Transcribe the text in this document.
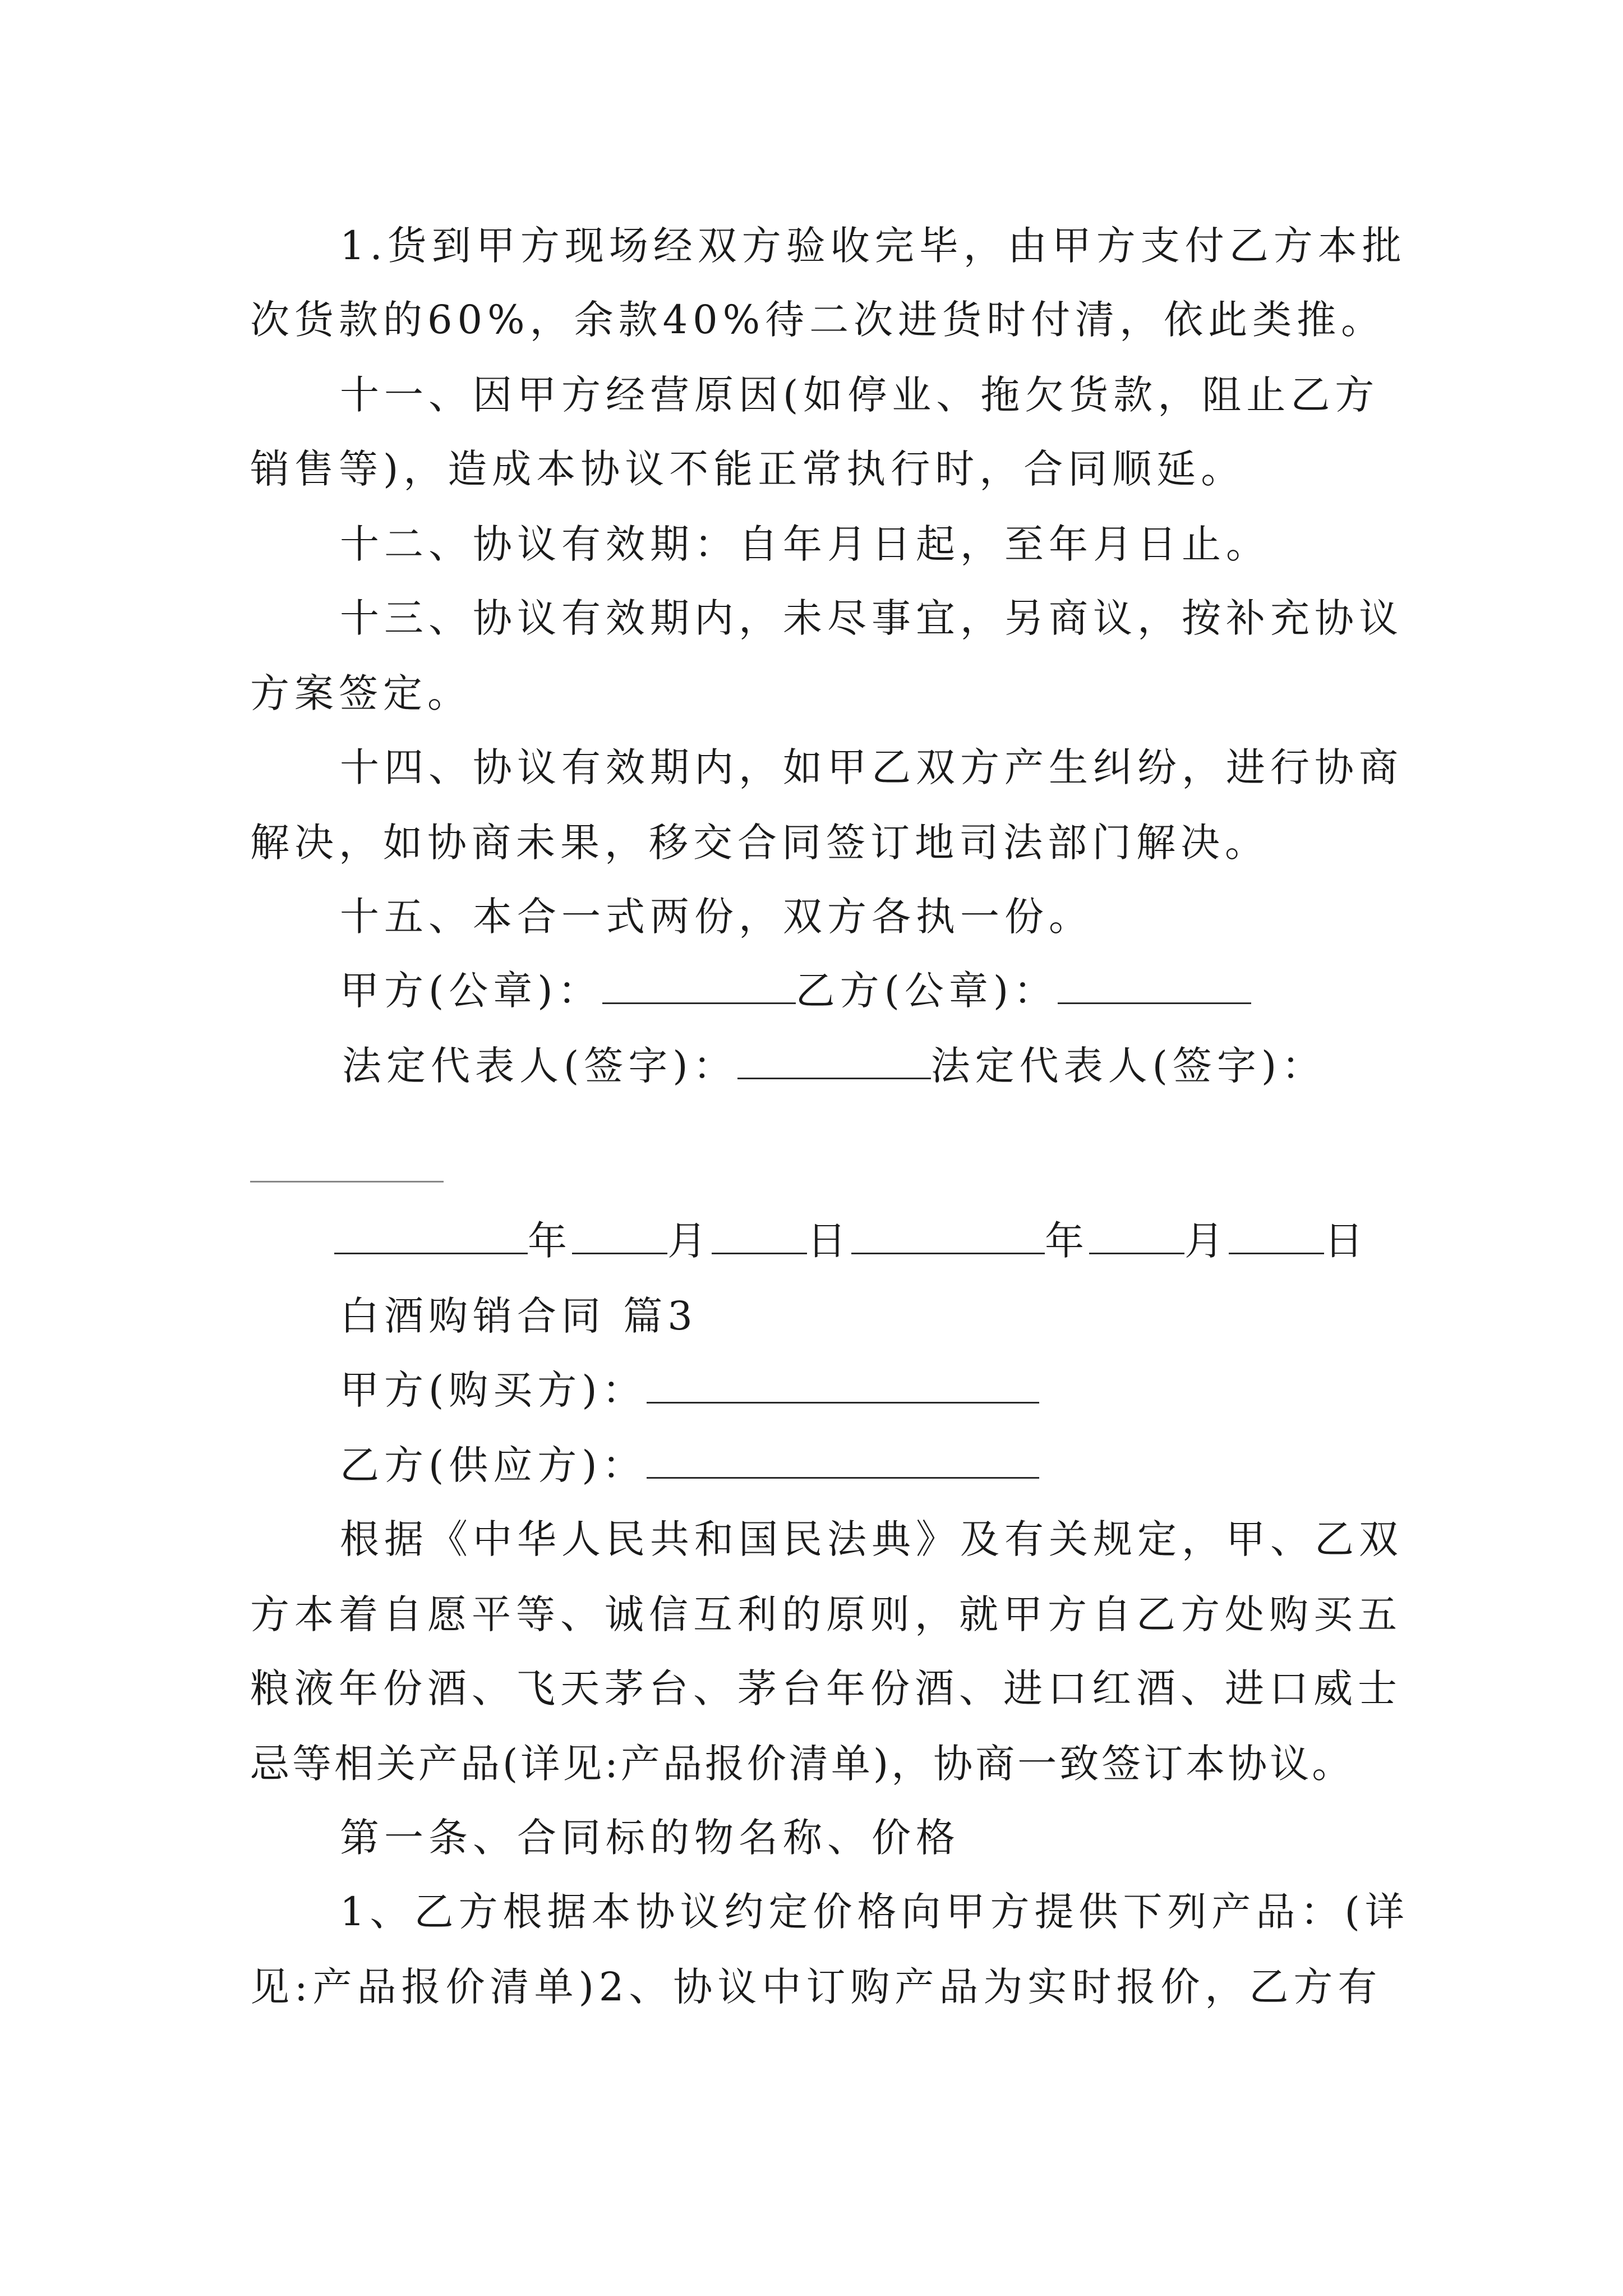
1.货到甲方现场经双方验收完毕，由甲方支付乙方本批
次货款的60%，余款40%待二次进货时付清，依此类推。
十一、因甲方经营原因(如停业、拖欠货款，阻止乙方
销售等)，造成本协议不能正常执行时，合同顺延。
十二、协议有效期：自年月日起，至年月日止。
十三、协议有效期内，未尽事宜，另商议，按补充协议
方案签定。
十四、协议有效期内，如甲乙双方产生纠纷，进行协商
解决，如协商未果，移交合同签订地司法部门解决。
十五、本合一式两份，双方各执一份。
甲方(公章)：	乙方(公章)：
法定代表人(签字)：	法定代表人(签字)：
年 月 日	年 月 日
白酒购销合同 篇3
甲方(购买方)：
乙方(供应方)：
根据《中华人民共和国民法典》及有关规定，甲、乙双
方本着自愿平等、诚信互利的原则，就甲方自乙方处购买五
粮液年份酒、飞天茅台、茅台年份酒、进口红酒、进口威士
忌等相关产品(详见:产品报价清单)，协商一致签订本协议。
第一条、合同标的物名称、价格
1、乙方根据本协议约定价格向甲方提供下列产品：(详
见:产品报价清单)2、协议中订购产品为实时报价，乙方有
